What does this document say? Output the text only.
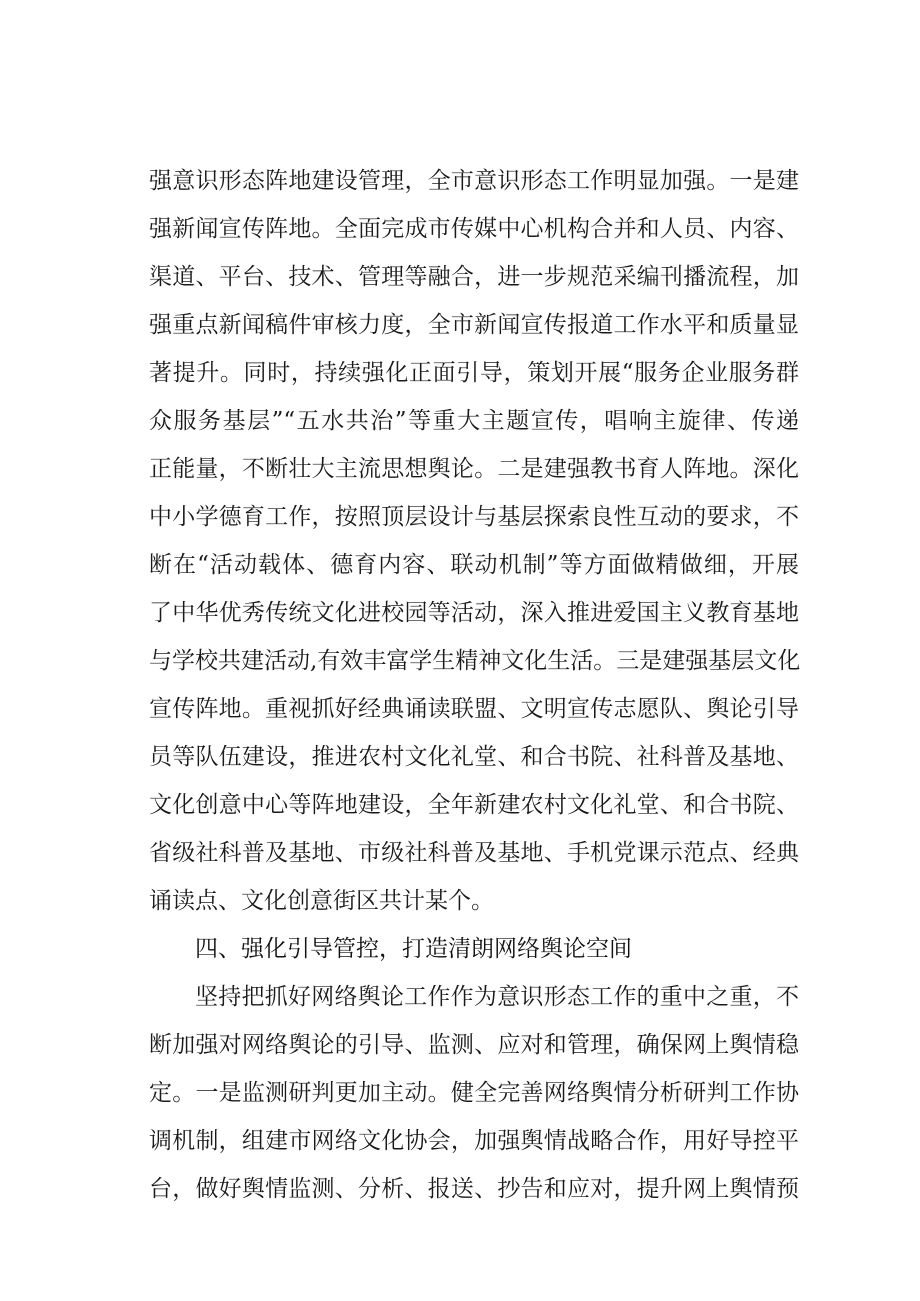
强意识形态阵地建设管理，全市意识形态工作明显加强。一是建
强新闻宣传阵地。全面完成市传媒中心机构合并和人员、内容、
渠道、平台、技术、管理等融合，进一步规范采编刊播流程，加
强重点新闻稿件审核力度，全市新闻宣传报道工作水平和质量显
著提升。同时，持续强化正面引导，策划开展“服务企业服务群
众服务基层”“五水共治”等重大主题宣传，唱响主旋律、传递
正能量，不断壮大主流思想舆论。二是建强教书育人阵地。深化
中小学德育工作，按照顶层设计与基层探索良性互动的要求，不
断在“活动载体、德育内容、联动机制”等方面做精做细，开展
了中华优秀传统文化进校园等活动，深入推进爱国主义教育基地
与学校共建活动,有效丰富学生精神文化生活。三是建强基层文化
宣传阵地。重视抓好经典诵读联盟、文明宣传志愿队、舆论引导
员等队伍建设，推进农村文化礼堂、和合书院、社科普及基地、
文化创意中心等阵地建设，全年新建农村文化礼堂、和合书院、
省级社科普及基地、市级社科普及基地、手机党课示范点、经典
诵读点、文化创意街区共计某个。
四、强化引导管控，打造清朗网络舆论空间
坚持把抓好网络舆论工作作为意识形态工作的重中之重，不
断加强对网络舆论的引导、监测、应对和管理，确保网上舆情稳
定。一是监测研判更加主动。健全完善网络舆情分析研判工作协
调机制，组建市网络文化协会，加强舆情战略合作，用好导控平
台，做好舆情监测、分析、报送、抄告和应对，提升网上舆情预
